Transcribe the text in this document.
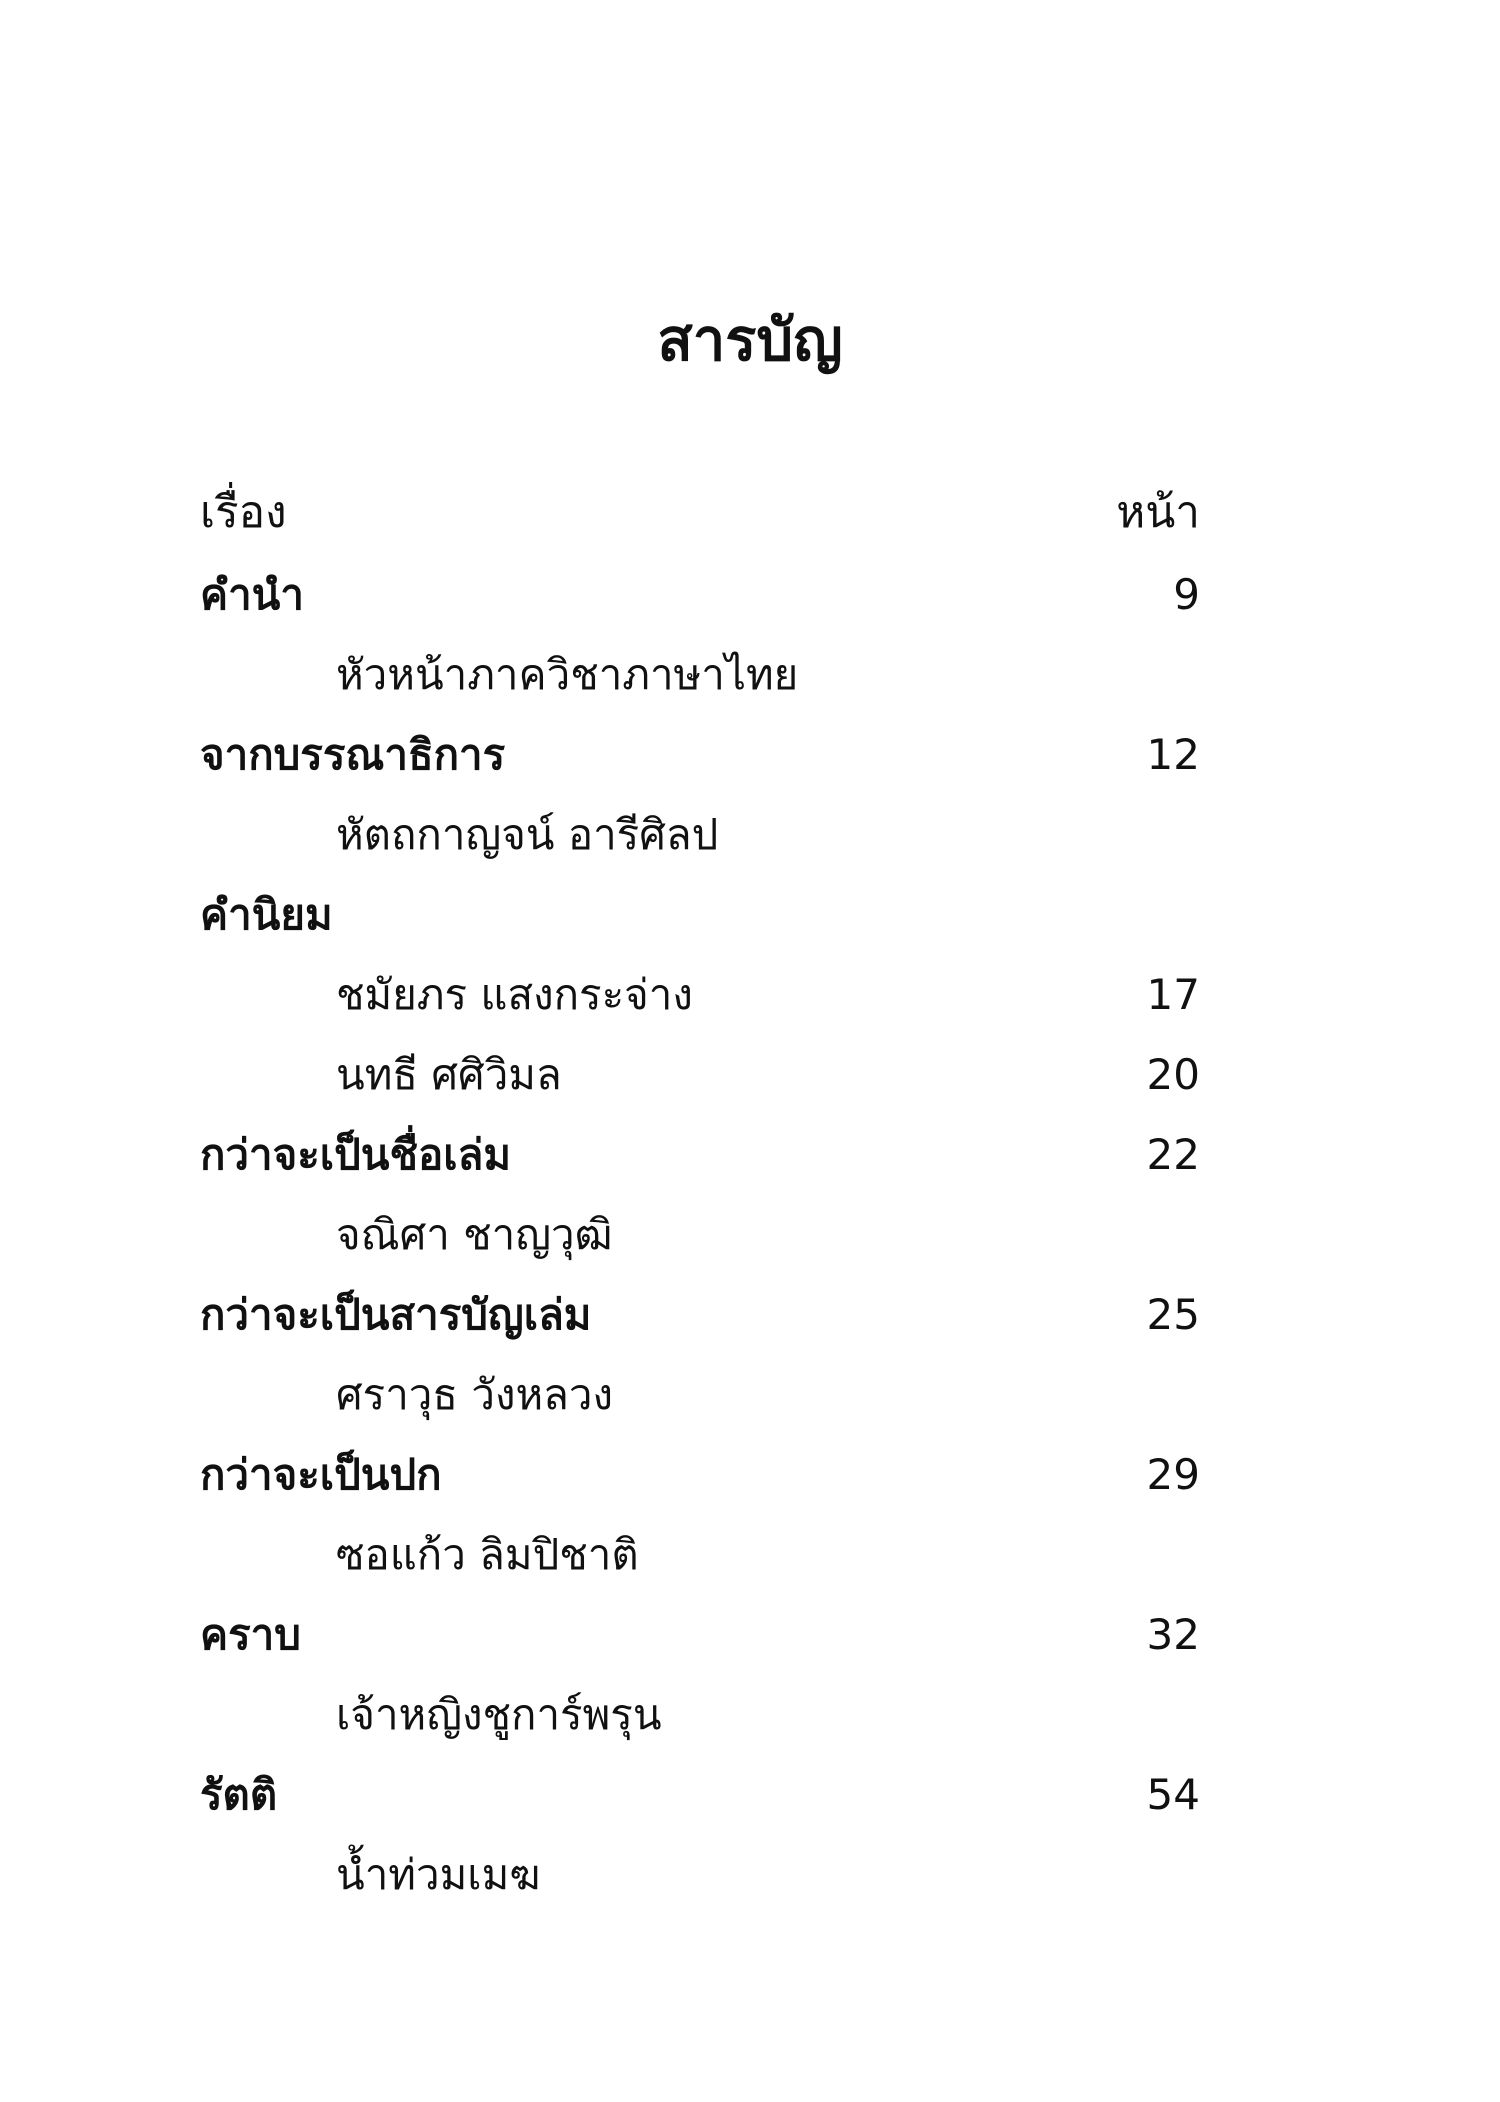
สารบัญ
เรื่อง	หน้า
คำนำ	9
หัวหน้าภาควิชาภาษาไทย
จากบรรณาธิการ	12
หัตถกาญจน์ อารีศิลป
คำนิยม
ชมัยภร แสงกระจ่าง	17
นทธี ศศิวิมล	20
กว่าจะเป็นชื่อเล่ม	22
จณิศา ชาญวุฒิ
กว่าจะเป็นสารบัญเล่ม	25
ศราวุธ วังหลวง
กว่าจะเป็นปก	29
ซอแก้ว ลิมปิชาติ
คราบ	32
เจ้าหญิงชูการ์พรุน
รัตติ	54
น้ำท่วมเมฆ
